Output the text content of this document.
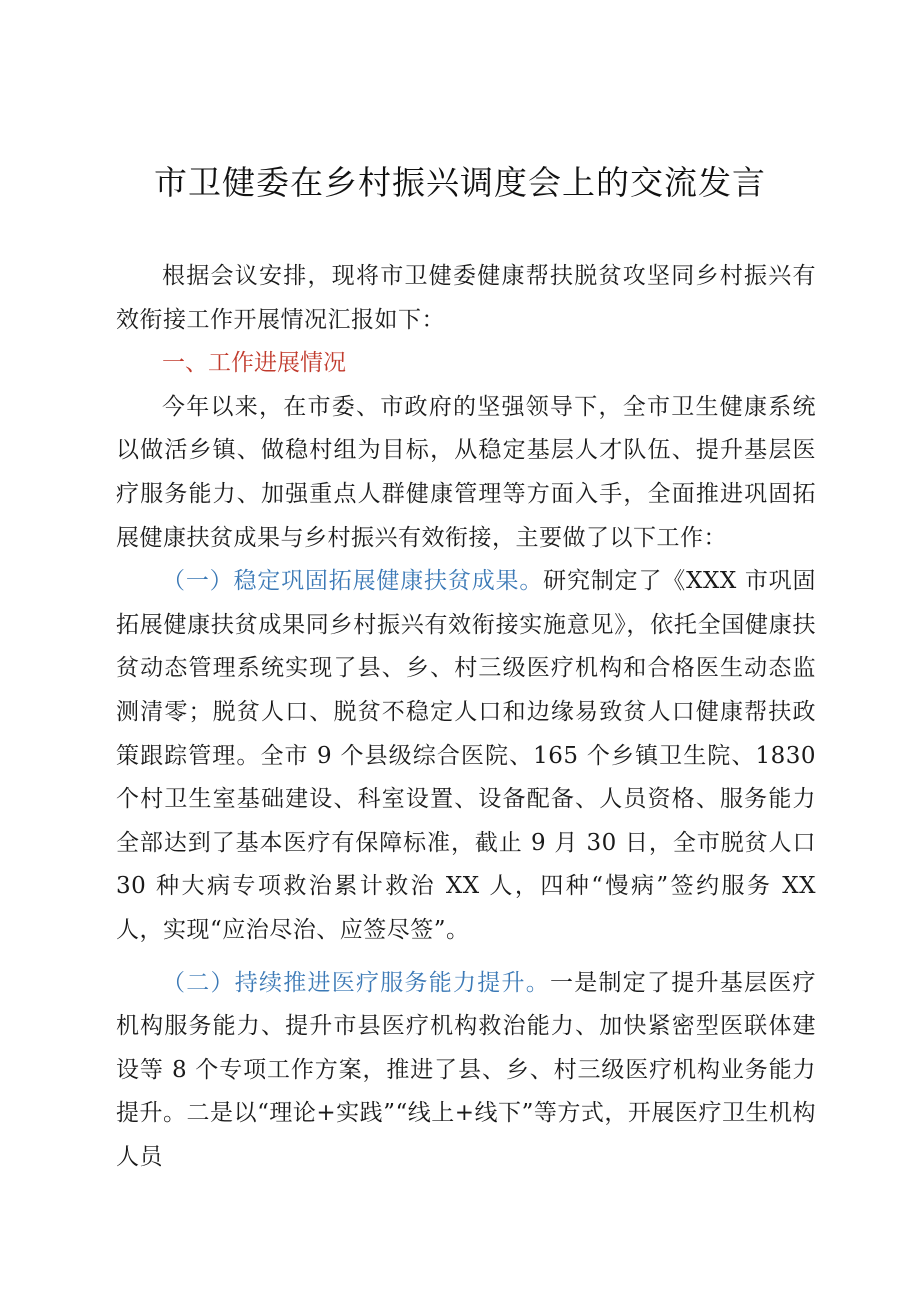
市卫健委在乡村振兴调度会上的交流发言

根据会议安排，现将市卫健委健康帮扶脱贫攻坚同乡村振兴有效衔接工作开展情况汇报如下：

一、工作进展情况

今年以来，在市委、市政府的坚强领导下，全市卫生健康系统以做活乡镇、做稳村组为目标，从稳定基层人才队伍、提升基层医疗服务能力、加强重点人群健康管理等方面入手，全面推进巩固拓展健康扶贫成果与乡村振兴有效衔接，主要做了以下工作：

（一）稳定巩固拓展健康扶贫成果。研究制定了《XXX 市巩固拓展健康扶贫成果同乡村振兴有效衔接实施意见》，依托全国健康扶贫动态管理系统实现了县、乡、村三级医疗机构和合格医生动态监测清零；脱贫人口、脱贫不稳定人口和边缘易致贫人口健康帮扶政策跟踪管理。全市 9 个县级综合医院、165 个乡镇卫生院、1830 个村卫生室基础建设、科室设置、设备配备、人员资格、服务能力全部达到了基本医疗有保障标准，截止 9 月 30 日，全市脱贫人口 30 种大病专项救治累计救治 XX 人，四种“慢病”签约服务 XX 人，实现“应治尽治、应签尽签”。

（二）持续推进医疗服务能力提升。一是制定了提升基层医疗机构服务能力、提升市县医疗机构救治能力、加快紧密型医联体建设等 8 个专项工作方案，推进了县、乡、村三级医疗机构业务能力提升。二是以“理论+实践”“线上+线下”等方式，开展医疗卫生机构人员
